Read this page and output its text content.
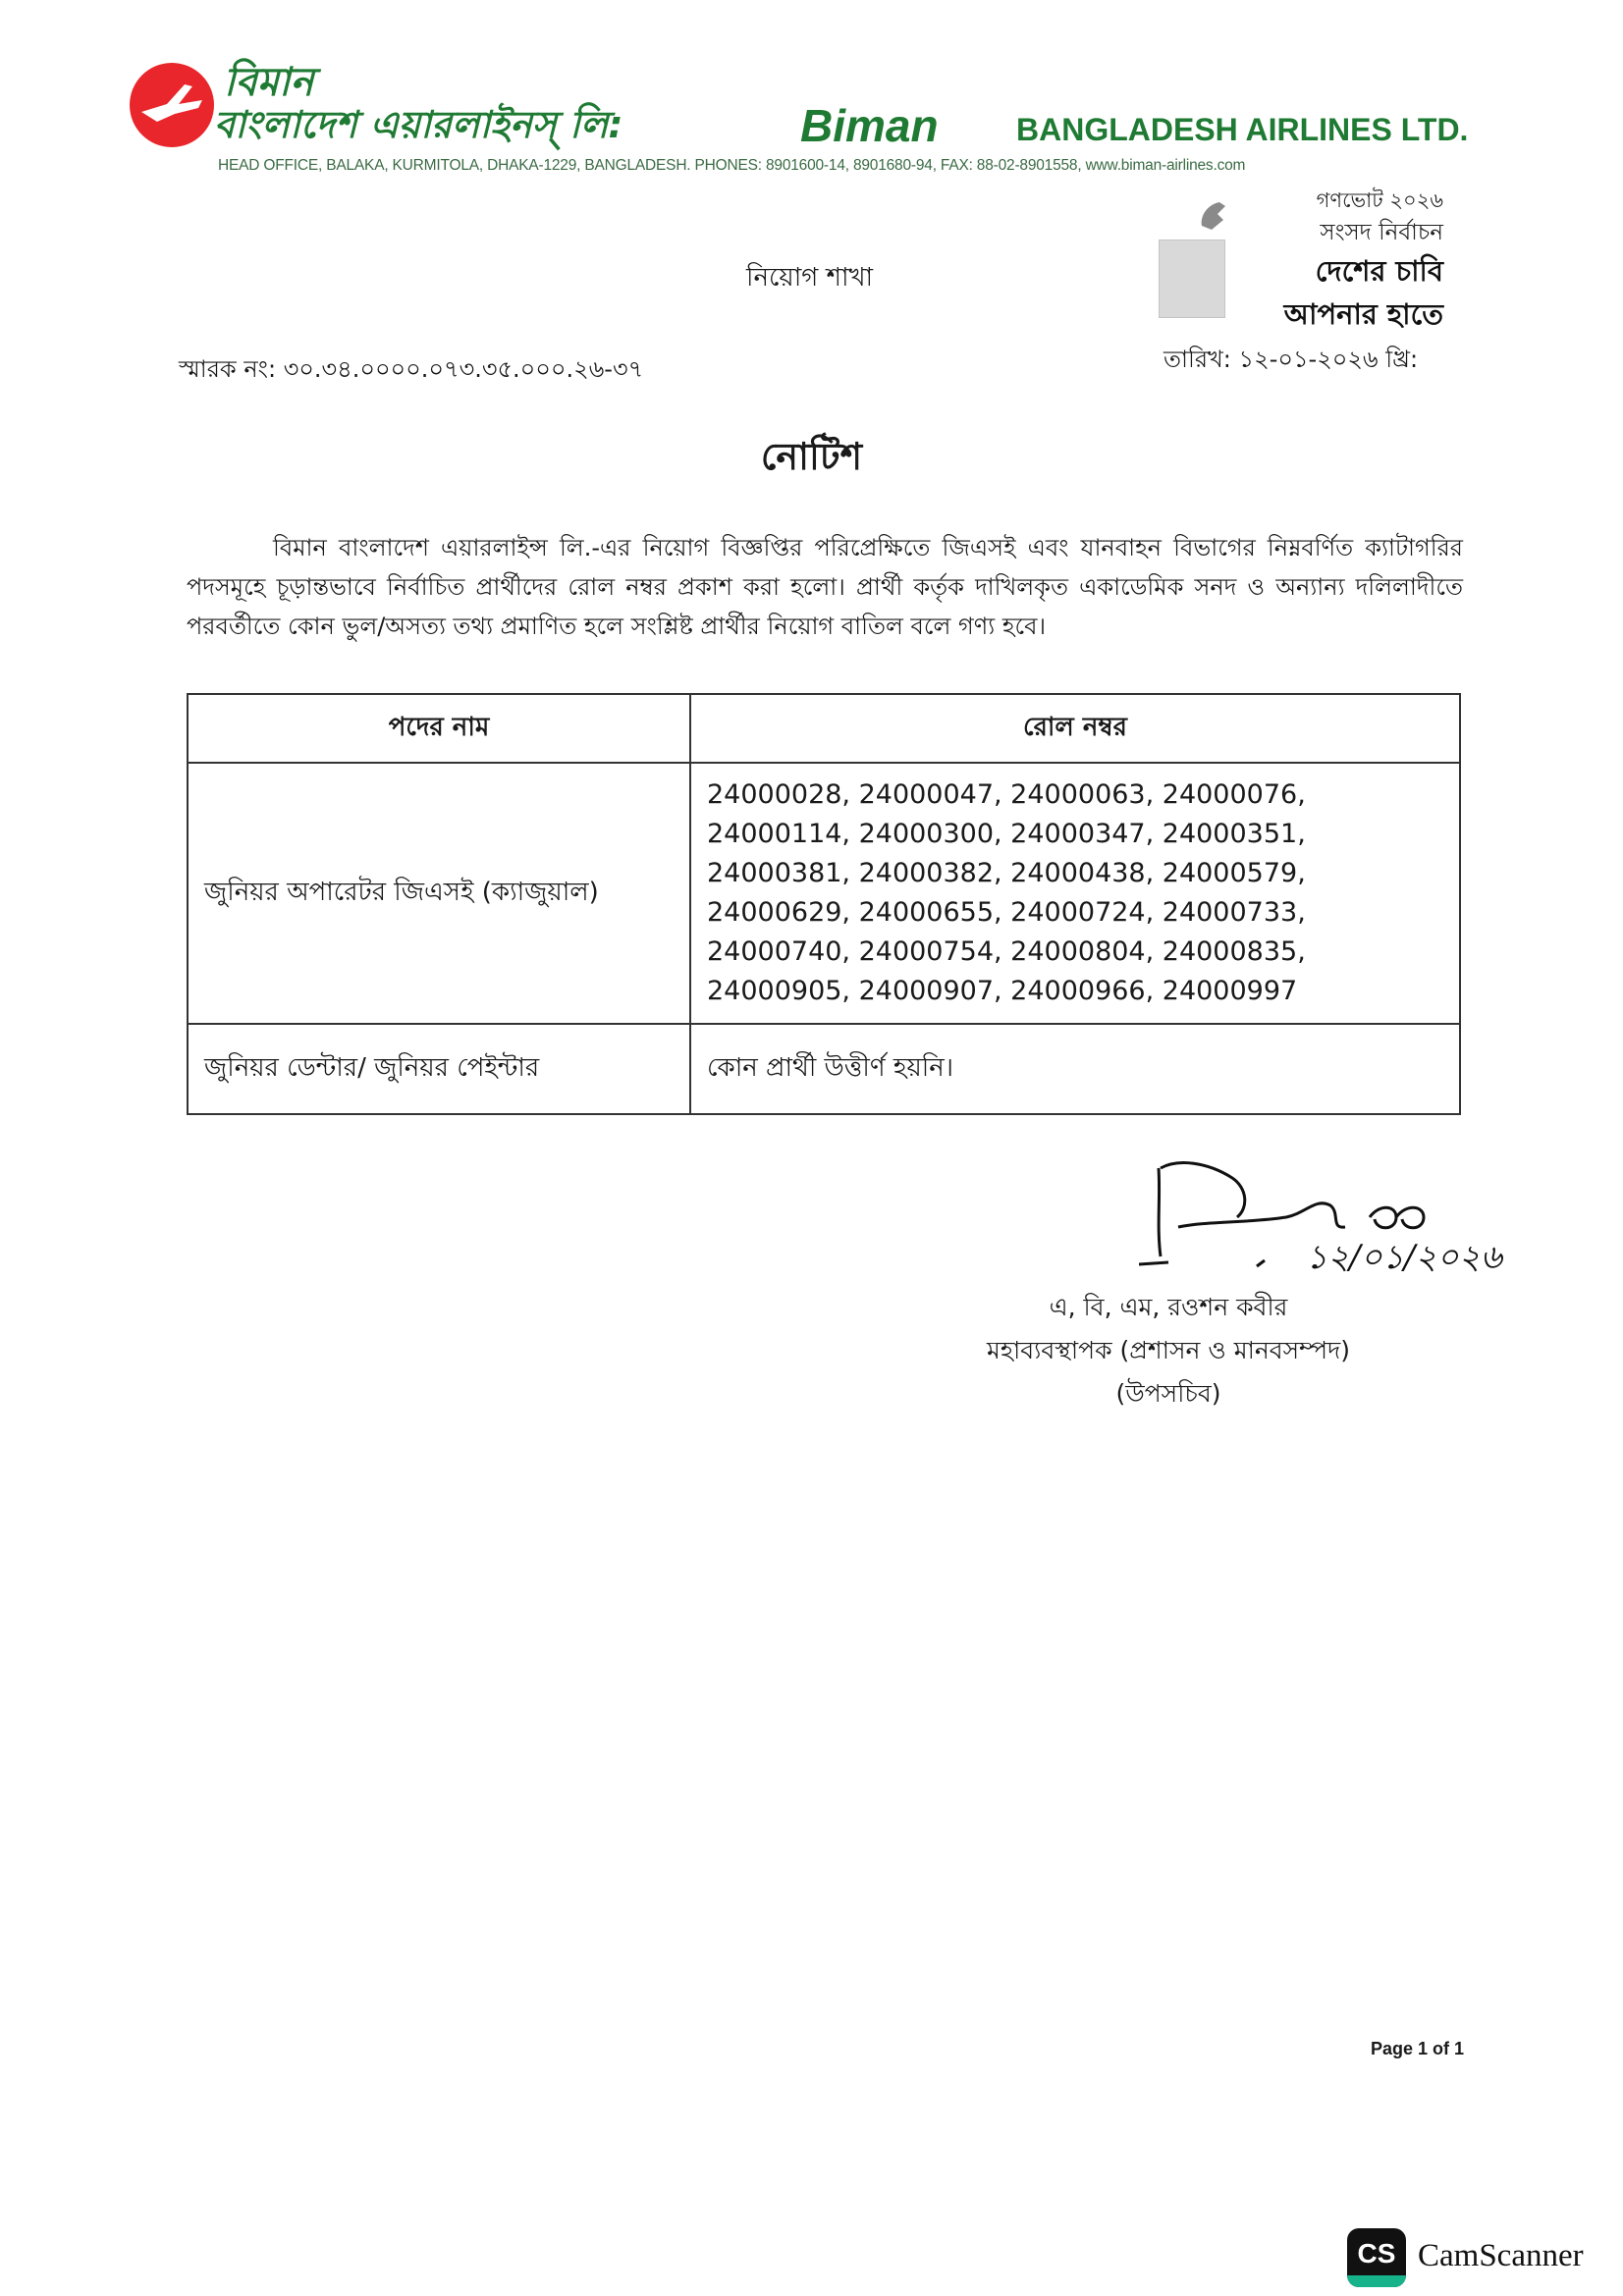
বিমান
বাংলাদেশ এয়ারলাইনস্ লি:	Biman BANGLADESH AIRLINES LTD.
HEAD OFFICE, BALAKA, KURMITOLA, DHAKA-1229, BANGLADESH. PHONES: 8901600-14, 8901680-94, FAX: 88-02-8901558, www.biman-airlines.com
গণভোট ২০২৬
সংসদ নির্বাচন
দেশের চাবি
আপনার হাতে
নিয়োগ শাখা
স্মারক নং: ৩০.৩৪.০০০০.০৭৩.৩৫.০০০.২৬-৩৭	তারিখ: ১২-০১-২০২৬ খ্রি:
নোটিশ
বিমান বাংলাদেশ এয়ারলাইন্স লি.-এর নিয়োগ বিজ্ঞপ্তির পরিপ্রেক্ষিতে জিএসই এবং যানবাহন বিভাগের নিম্নবর্ণিত ক্যাটাগরির পদসমূহে চূড়ান্তভাবে নির্বাচিত প্রার্থীদের রোল নম্বর প্রকাশ করা হলো। প্রার্থী কর্তৃক দাখিলকৃত একাডেমিক সনদ ও অন্যান্য দলিলাদীতে পরবর্তীতে কোন ভুল/অসত্য তথ্য প্রমাণিত হলে সংশ্লিষ্ট প্রার্থীর নিয়োগ বাতিল বলে গণ্য হবে।
পদের নাম	রোল নম্বর
জুনিয়র অপারেটর জিএসই (ক্যাজুয়াল)	24000028, 24000047, 24000063, 24000076, 24000114, 24000300, 24000347, 24000351, 24000381, 24000382, 24000438, 24000579, 24000629, 24000655, 24000724, 24000733, 24000740, 24000754, 24000804, 24000835, 24000905, 24000907, 24000966, 24000997
জুনিয়র ডেন্টার/ জুনিয়র পেইন্টার	কোন প্রার্থী উত্তীর্ণ হয়নি।
১২/০১/২০২৬
এ, বি, এম, রওশন কবীর
মহাব্যবস্থাপক (প্রশাসন ও মানবসম্পদ)
(উপসচিব)
Page 1 of 1
CS CamScanner
